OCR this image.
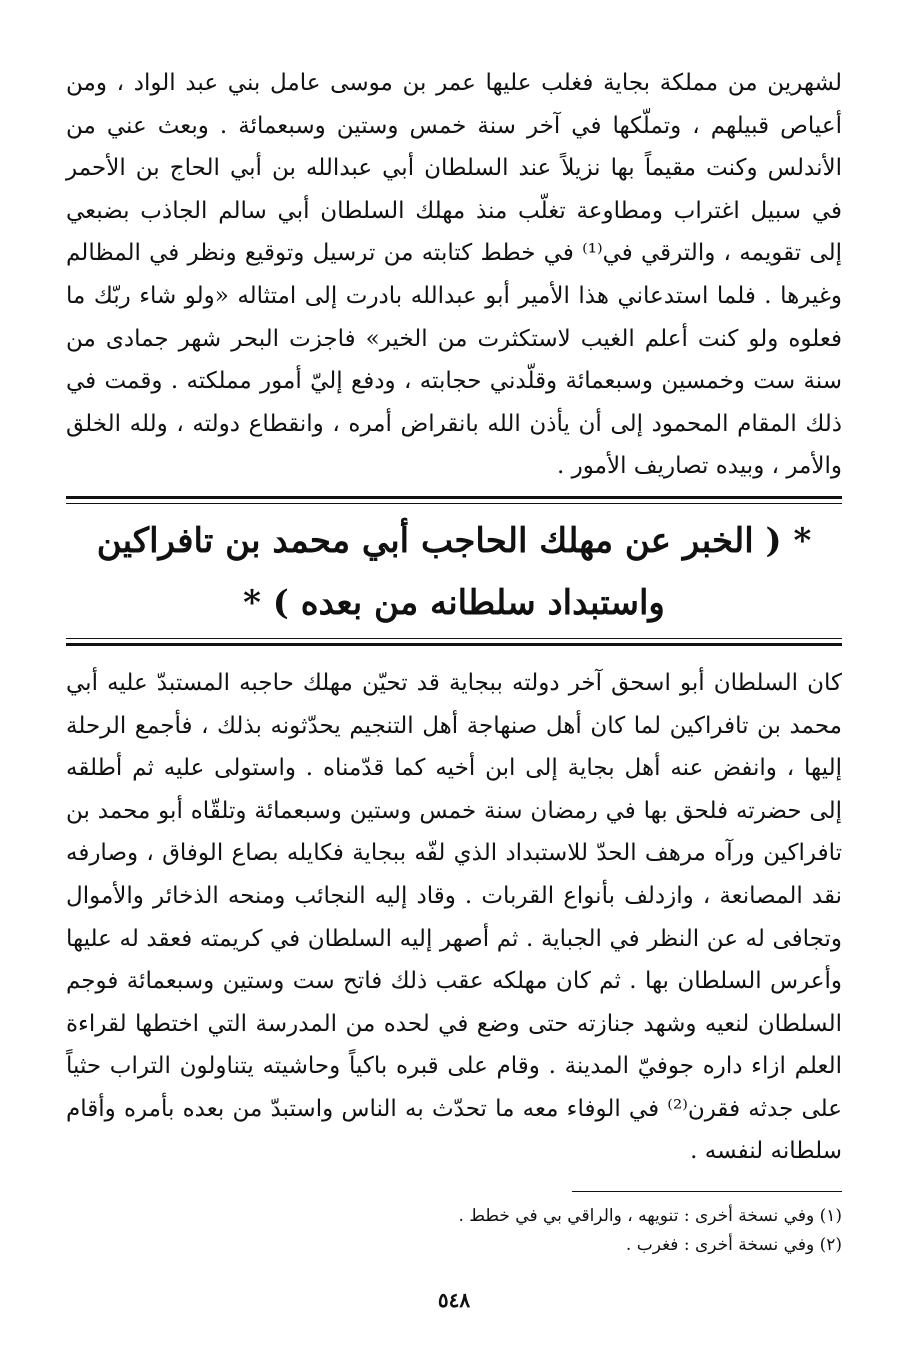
لشهرين من مملكة بجاية فغلب عليها عمر بن موسى عامل بني عبد الواد ، ومن أعياص قبيلهم ، وتملّكها في آخر سنة خمس وستين وسبعمائة . وبعث عني من الأندلس وكنت مقيماً بها نزيلاً عند السلطان أبي عبدالله بن أبي الحاج بن الأحمر في سبيل اغتراب ومطاوعة تغلّب منذ مهلك السلطان أبي سالم الجاذب بضبعي إلى تقويمه ، والترقي في⁽¹⁾ في خطط كتابته من ترسيل وتوقيع ونظر في المظالم وغيرها . فلما استدعاني هذا الأمير أبو عبدالله بادرت إلى امتثاله «ولو شاء ربّك ما فعلوه ولو كنت أعلم الغيب لاستكثرت من الخير» فاجزت البحر شهر جمادى من سنة ست وخمسين وسبعمائة وقلّدني حجابته ، ودفع إليّ أمور مملكته . وقمت في ذلك المقام المحمود إلى أن يأذن الله بانقراض أمره ، وانقطاع دولته ، ولله الخلق والأمر ، وبيده تصاريف الأمور .

* ( الخبر عن مهلك الحاجب أبي محمد بن تافراكين
واستبداد سلطانه من بعده ) *

كان السلطان أبو اسحق آخر دولته ببجاية قد تحيّن مهلك حاجبه المستبدّ عليه أبي محمد بن تافراكين لما كان أهل صنهاجة أهل التنجيم يحدّثونه بذلك ، فأجمع الرحلة إليها ، وانفض عنه أهل بجاية إلى ابن أخيه كما قدّمناه . واستولى عليه ثم أطلقه إلى حضرته فلحق بها في رمضان سنة خمس وستين وسبعمائة وتلقّاه أبو محمد بن تافراكين ورآه مرهف الحدّ للاستبداد الذي لفّه ببجاية فكايله بصاع الوفاق ، وصارفه نقد المصانعة ، وازدلف بأنواع القربات . وقاد إليه النجائب ومنحه الذخائر والأموال وتجافى له عن النظر في الجباية . ثم أصهر إليه السلطان في كريمته فعقد له عليها وأعرس السلطان بها . ثم كان مهلكه عقب ذلك فاتح ست وستين وسبعمائة فوجم السلطان لنعيه وشهد جنازته حتى وضع في لحده من المدرسة التي اختطها لقراءة العلم ازاء داره جوفيّ المدينة . وقام على قبره باكياً وحاشيته يتناولون التراب حثياً على جدثه فقرن⁽²⁾ في الوفاء معه ما تحدّث به الناس واستبدّ من بعده بأمره وأقام سلطانه لنفسه .

(١) وفي نسخة أخرى : تنويهه ، والراقي بي في خطط .
(٢) وفي نسخة أخرى : فغرب .
٥٤٨
